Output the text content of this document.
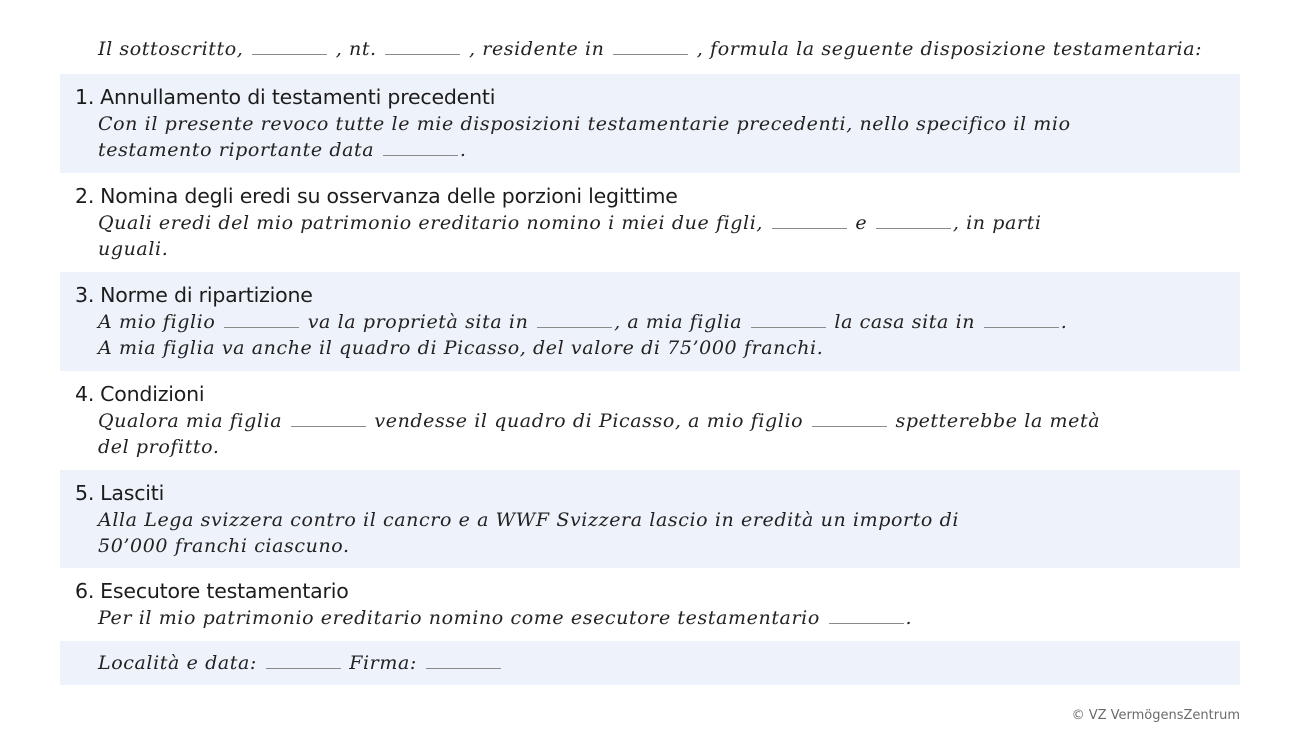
Il sottoscritto,	, nt.	, residente in	, formula la seguente disposizione testamentaria:
1. Annullamento di testamenti precedenti
Con il presente revoco tutte le mie disposizioni testamentarie precedenti, nello specifico il mio
testamento riportante data	.
2. Nomina degli eredi su osservanza delle porzioni legittime
Quali eredi del mio patrimonio ereditario nomino i miei due figli,	e	, in parti
uguali.
3. Norme di ripartizione
A mio figlio	va la proprietà sita in	, a mia figlia	la casa sita in	.
A mia figlia va anche il quadro di Picasso, del valore di 75’000 franchi.
4. Condizioni
Qualora mia figlia	vendesse il quadro di Picasso, a mio figlio	spetterebbe la metà
del profitto.
5. Lasciti
Alla Lega svizzera contro il cancro e a WWF Svizzera lascio in eredità un importo di
50’000 franchi ciascuno.
6. Esecutore testamentario
Per il mio patrimonio ereditario nomino come esecutore testamentario	.
Località e data:	Firma:
© VZ VermögensZentrum
